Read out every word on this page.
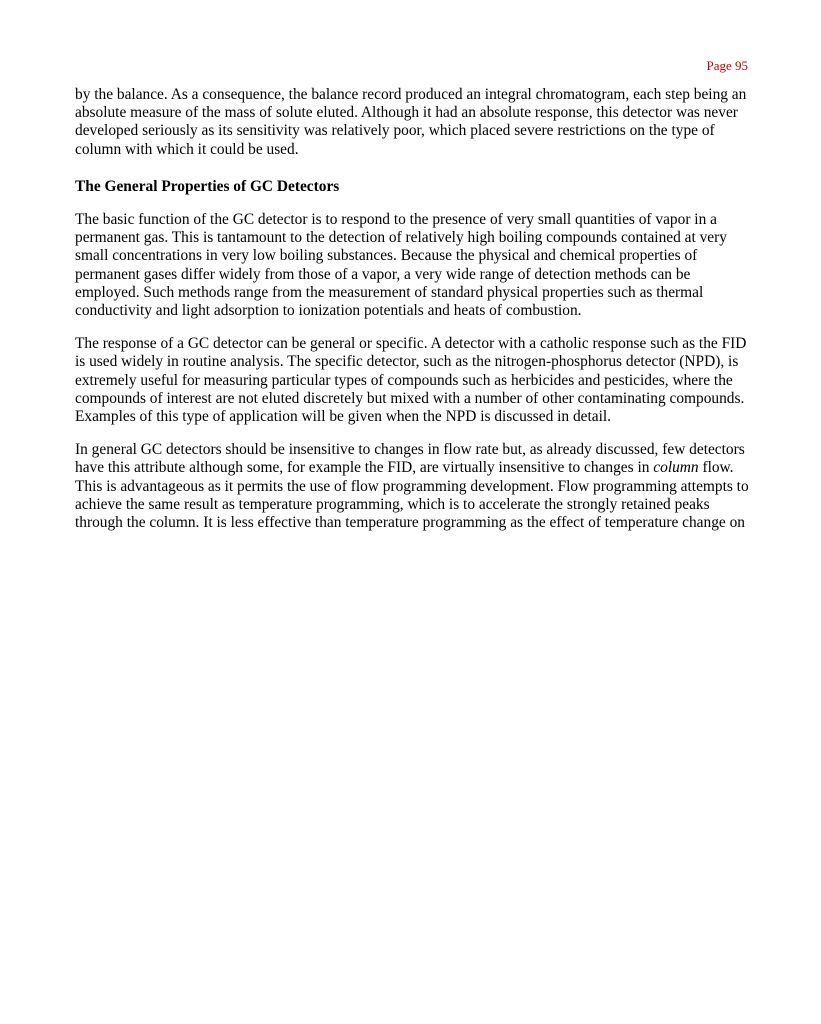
Page 95

by the balance. As a consequence, the balance record produced an integral chromatogram, each step being an absolute measure of the mass of solute eluted. Although it had an absolute response, this detector was never developed seriously as its sensitivity was relatively poor, which placed severe restrictions on the type of column with which it could be used.

The General Properties of GC Detectors

The basic function of the GC detector is to respond to the presence of very small quantities of vapor in a permanent gas. This is tantamount to the detection of relatively high boiling compounds contained at very small concentrations in very low boiling substances. Because the physical and chemical properties of permanent gases differ widely from those of a vapor, a very wide range of detection methods can be employed. Such methods range from the measurement of standard physical properties such as thermal conductivity and light adsorption to ionization potentials and heats of combustion.

The response of a GC detector can be general or specific. A detector with a catholic response such as the FID is used widely in routine analysis. The specific detector, such as the nitrogen-phosphorus detector (NPD), is extremely useful for measuring particular types of compounds such as herbicides and pesticides, where the compounds of interest are not eluted discretely but mixed with a number of other contaminating compounds. Examples of this type of application will be given when the NPD is discussed in detail.

In general GC detectors should be insensitive to changes in flow rate but, as already discussed, few detectors have this attribute although some, for example the FID, are virtually insensitive to changes in column flow. This is advantageous as it permits the use of flow programming development. Flow programming attempts to achieve the same result as temperature programming, which is to accelerate the strongly retained peaks through the column. It is less effective than temperature programming as the effect of temperature change on
